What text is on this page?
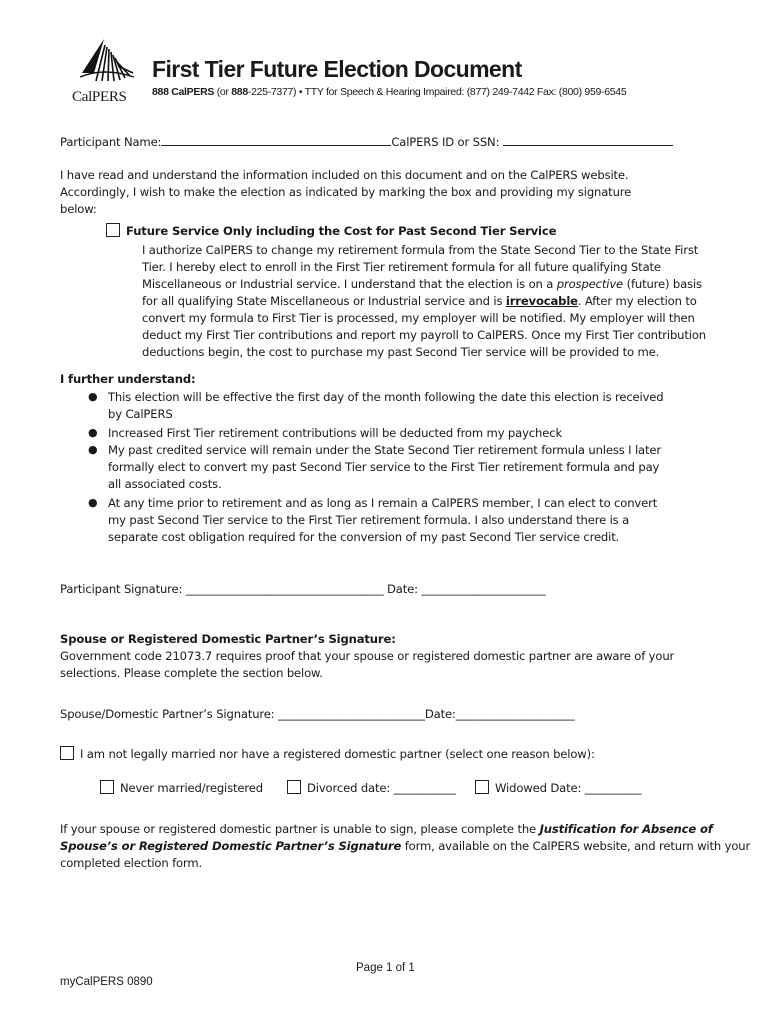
CalPERS
First Tier Future Election Document
888 CalPERS (or 888-225-7377) • TTY for Speech & Hearing Impaired: (877) 249-7442 Fax: (800) 959-6545
Participant Name:	CalPERS ID or SSN:
I have read and understand the information included on this document and on the CalPERS website.
Accordingly, I wish to make the election as indicated by marking the box and providing my signature
below:
Future Service Only including the Cost for Past Second Tier Service
I authorize CalPERS to change my retirement formula from the State Second Tier to the State First
Tier. I hereby elect to enroll in the First Tier retirement formula for all future qualifying State
Miscellaneous or Industrial service. I understand that the election is on a prospective (future) basis
for all qualifying State Miscellaneous or Industrial service and is irrevocable. After my election to
convert my formula to First Tier is processed, my employer will be notified. My employer will then
deduct my First Tier contributions and report my payroll to CalPERS. Once my First Tier contribution
deductions begin, the cost to purchase my past Second Tier service will be provided to me.
I further understand:
● This election will be effective the first day of the month following the date this election is received
by CalPERS
● Increased First Tier retirement contributions will be deducted from my paycheck
● My past credited service will remain under the State Second Tier retirement formula unless I later
formally elect to convert my past Second Tier service to the First Tier retirement formula and pay
all associated costs.
● At any time prior to retirement and as long as I remain a CalPERS member, I can elect to convert
my past Second Tier service to the First Tier retirement formula. I also understand there is a
separate cost obligation required for the conversion of my past Second Tier service credit.
Participant Signature: ___________________________________ Date: ______________________
Spouse or Registered Domestic Partner’s Signature:
Government code 21073.7 requires proof that your spouse or registered domestic partner are aware of your
selections. Please complete the section below.
Spouse/Domestic Partner’s Signature: __________________________Date:_____________________
I am not legally married nor have a registered domestic partner (select one reason below):
Never married/registered	Divorced date: ___________	Widowed Date: __________
If your spouse or registered domestic partner is unable to sign, please complete the Justification for Absence of
Spouse’s or Registered Domestic Partner’s Signature form, available on the CalPERS website, and return with your
completed election form.
Page 1 of 1
myCalPERS 0890
